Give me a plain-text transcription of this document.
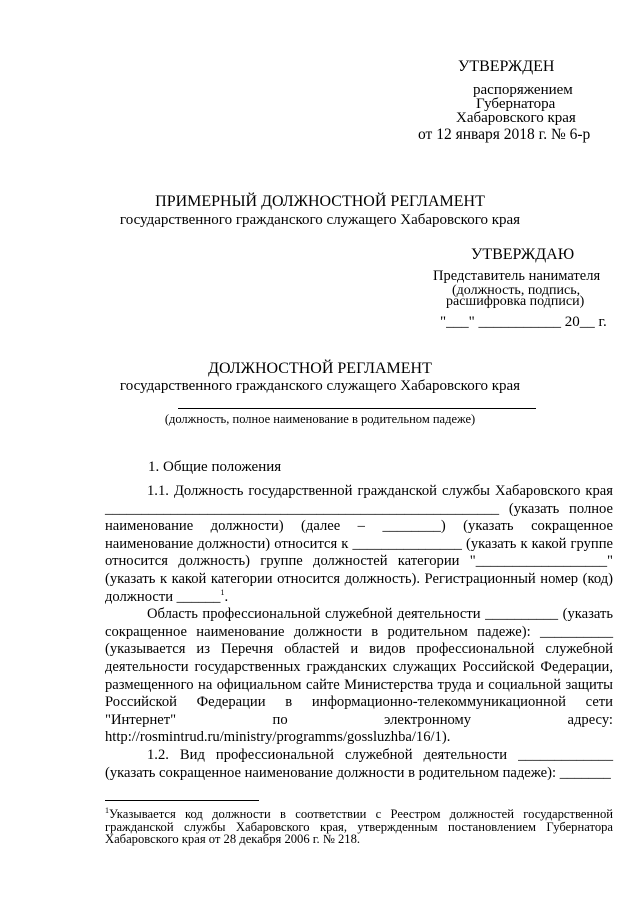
УТВЕРЖДЕН
распоряжением
Губернатора
Хабаровского края
от 12 января 2018 г. № 6-р
ПРИМЕРНЫЙ ДОЛЖНОСТНОЙ РЕГЛАМЕНТ
государственного гражданского служащего Хабаровского края
УТВЕРЖДАЮ
Представитель нанимателя
(должность, подпись,
расшифровка подписи)
"___" ___________ 20__ г.
ДОЛЖНОСТНОЙ РЕГЛАМЕНТ
государственного гражданского служащего Хабаровского края
(должность, полное наименование в родительном падеже)
1. Общие положения

1.1. Должность государственной гражданской службы Хабаровского края ______________________________________________________ (указать полное наименование должности) (далее – ________) (указать сокращенное наименование должности) относится к _______________ (указать к какой группе относится должность) группе должностей категории "__________________" (указать к какой категории относится должность). Регистрационный номер (код) должности ______$^1$.

Область профессиональной служебной деятельности __________ (указать сокращенное наименование должности в родительном падеже): __________ (указывается из Перечня областей и видов профессиональной служебной деятельности государственных гражданских служащих Российской Федерации, размещенного на официальном сайте Министерства труда и социальной защиты Российской Федерации в информационно-телекоммуникационной сети "Интернет" по электронному адресу: http://rosmintrud.ru/ministry/programms/gossluzhba/16/1).

1.2. Вид профессиональной служебной деятельности _____________ (указать сокращенное наименование должности в родительном падеже): _______

$^1$Указывается код должности в соответствии с Реестром должностей государственной гражданской службы Хабаровского края, утвержденным постановлением Губернатора Хабаровского края от 28 декабря 2006 г. № 218.
